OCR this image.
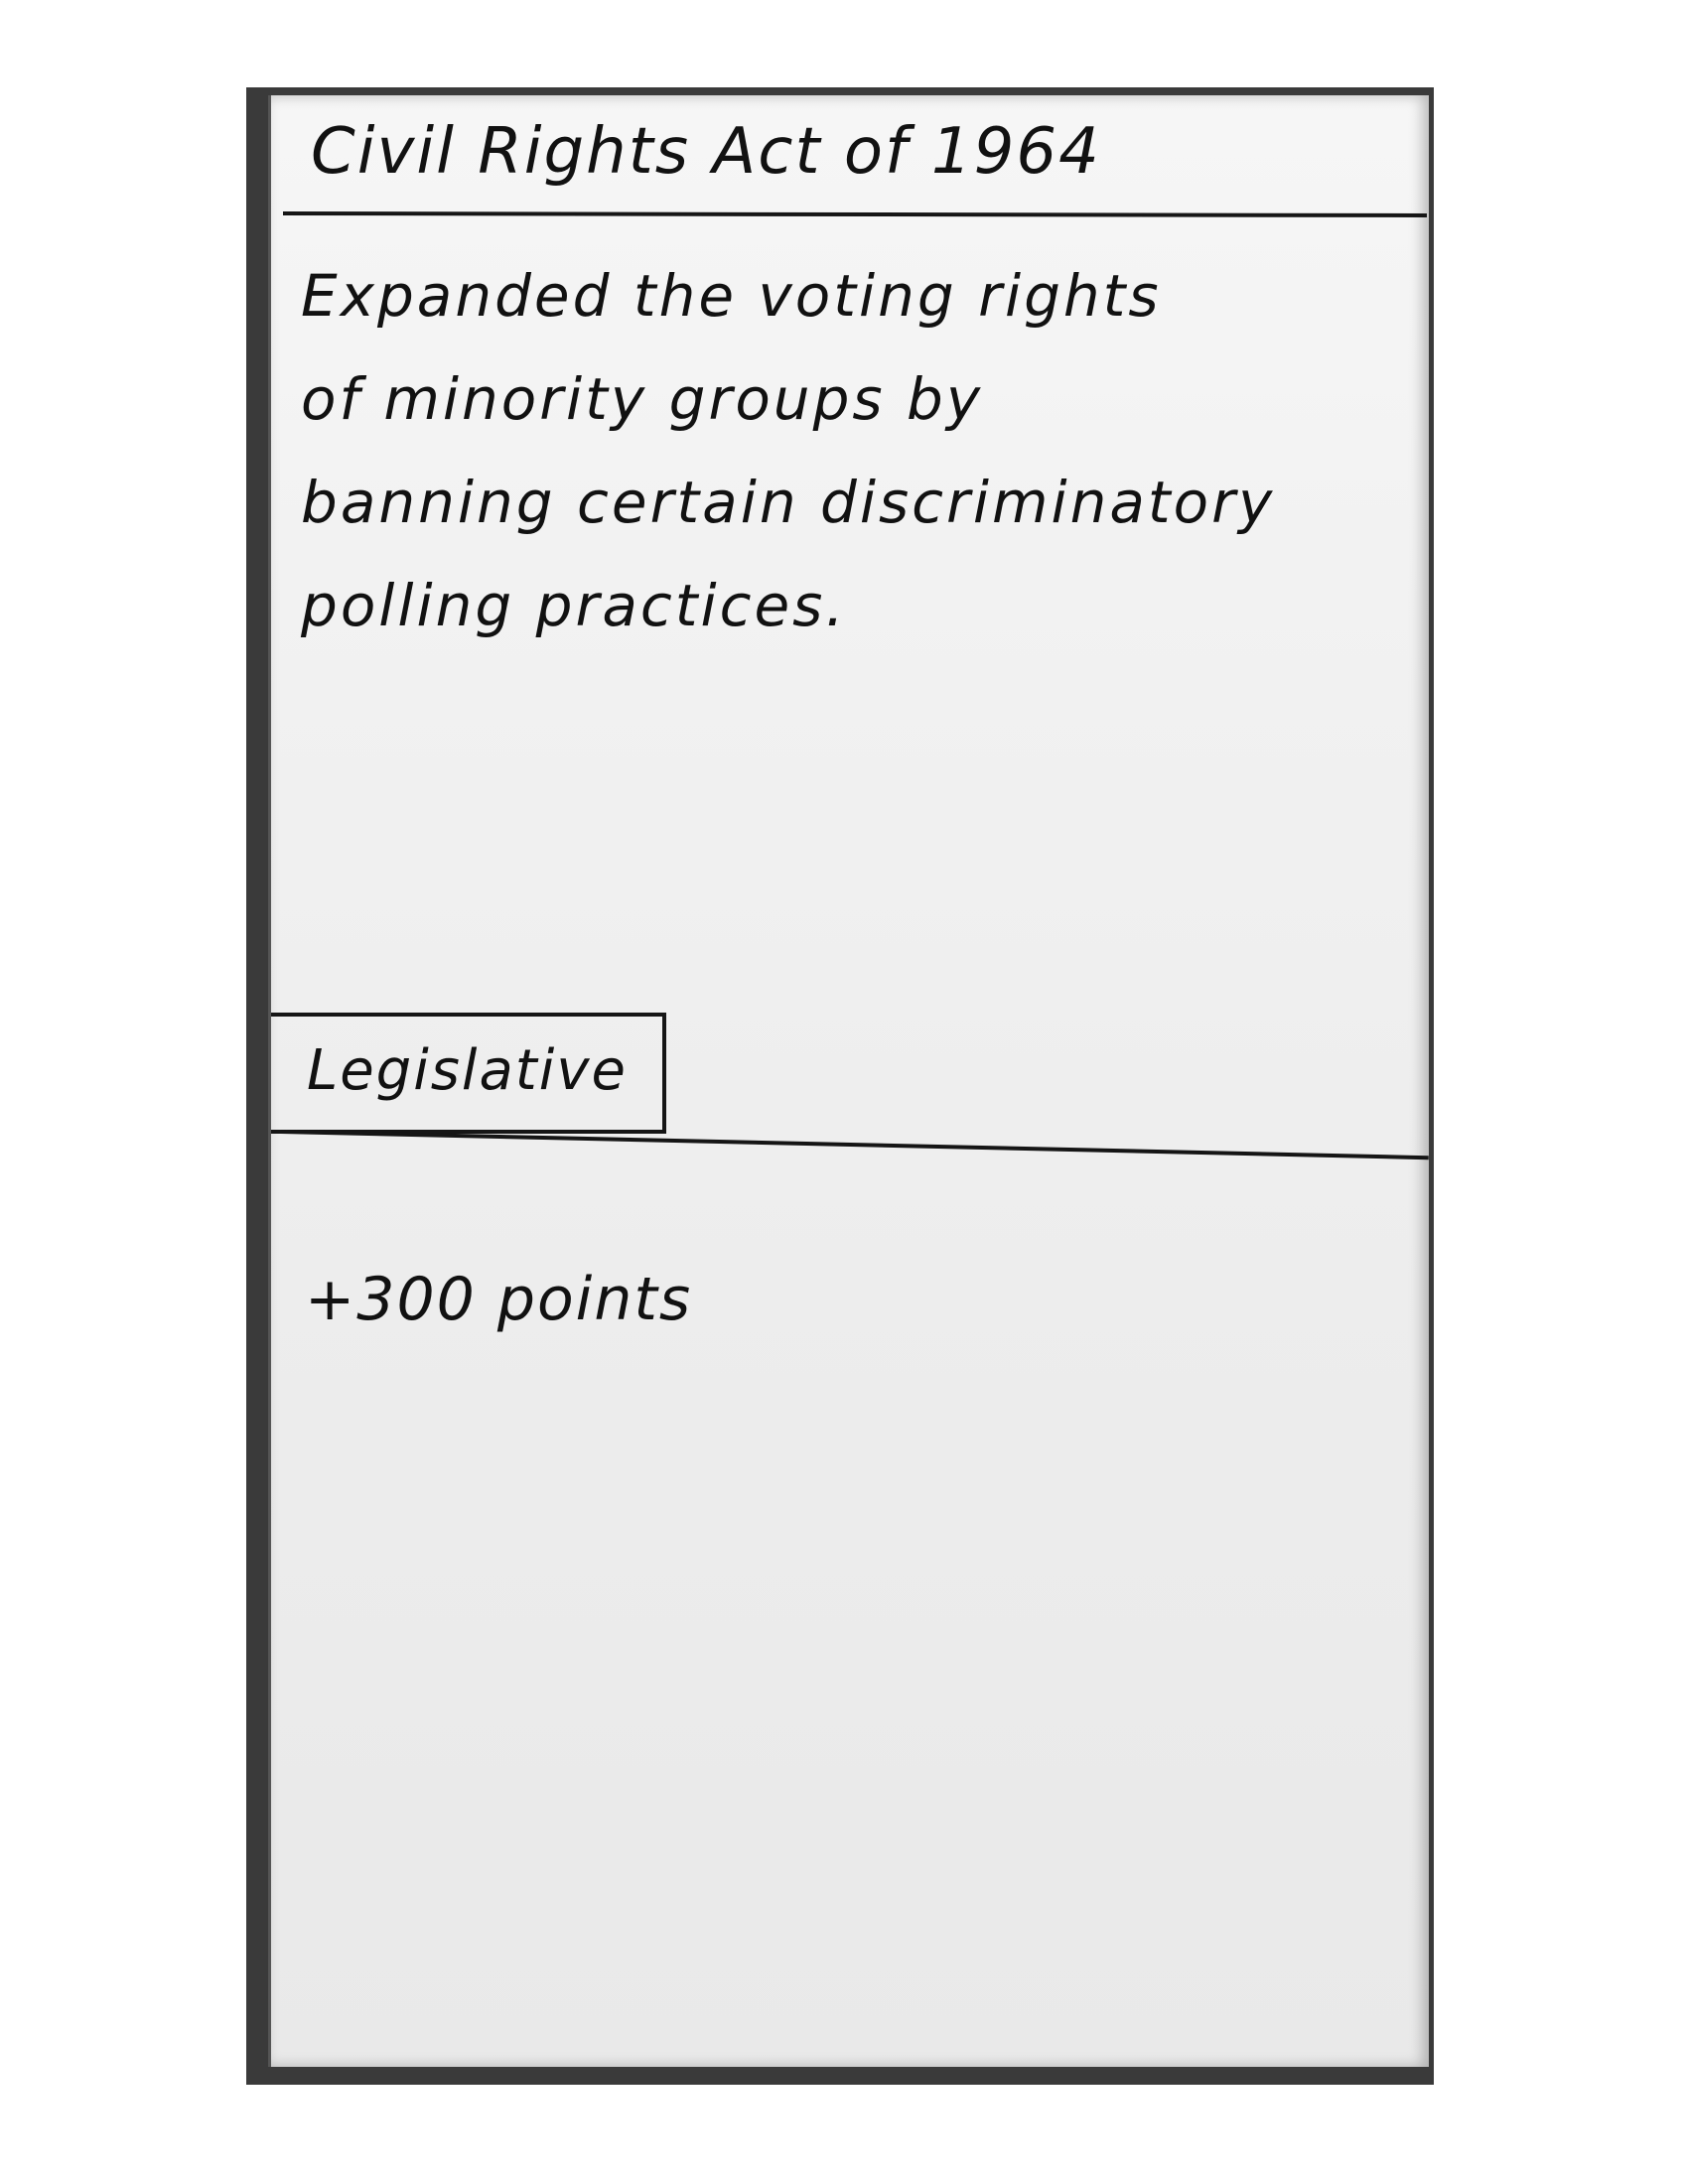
Civil Rights Act of 1964
Expanded the voting rights
of minority groups by
banning certain discriminatory
polling practices.
Legislative
+300 points
